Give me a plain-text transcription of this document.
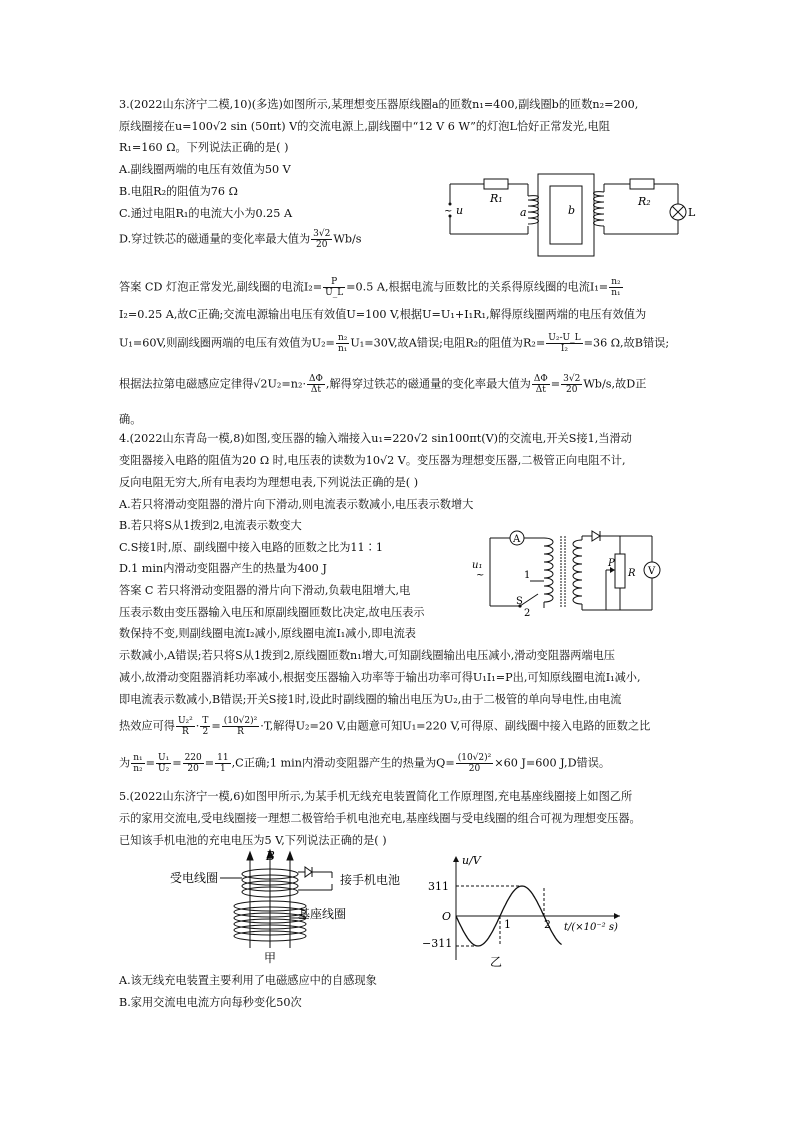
3.(2022山东济宁二模,10)(多选)如图所示,某理想变压器原线圈a的匝数n₁=400,副线圈b的匝数n₂=200,
原线圈接在u=100√2 sin (50πt) V的交流电源上,副线圈中“12 V 6 W”的灯泡L恰好正常发光,电阻
R₁=160 Ω。下列说法正确的是( )
A.副线圈两端的电压有效值为50 V
B.电阻R₂的阻值为76 Ω
C.通过电阻R₁的电流大小为0.25 A
D.穿过铁芯的磁通量的变化率最大值为 $\frac{3√2}{20} Wb/s$
~ u
R₁
a	b
R₂
L
答案 CD 灯泡正常发光,副线圈的电流$I_2= \frac{P}{U\_L} =0.5$ A,根据电流与匝数比的关系得原线圈的电流$I_1= \frac{\text{n₂}}{\text{n₁}}$
I₂=0.25 A,故C正确;交流电源输出电压有效值U=100 V,根据U=U₁+I₁R₁,解得原线圈两端的电压有效值为
U₁=60V,则副线圈两端的电压有效值为$U_2= \frac{\text{n₂}}{\text{n₁}} U_1=30V$,故A错误;电阻R₂的阻值为$R_2= \frac{\text{U₂-U\_L}}{\text{I₂}} =36$ Ω,故B错误;
根据法拉第电磁感应定律得$√2U_2=n_2\cdot \frac{\Delta\Phi}{\Delta t}$ ,解得穿过铁芯的磁通量的变化率最大值为 $\frac{\Delta\Phi}{\Delta t} = \frac{3√2}{20} Wb/s$,故D正
确。
4.(2022山东青岛一模,8)如图,变压器的输入端接入u₁=220√2 sin100πt(V)的交流电,开关S接1,当滑动
变阻器接入电路的阻值为20 Ω 时,电压表的读数为10√2 V。变压器为理想变压器,二极管正向电阻不计,
反向电阻无穷大,所有电表均为理想电表,下列说法正确的是( )
A.若只将滑动变阻器的滑片向下滑动,则电流表示数减小,电压表示数增大
B.若只将S从1拨到2,电流表示数变大
C.S接1时,原、副线圈中接入电路的匝数之比为11∶1
D.1 min内滑动变阻器产生的热量为400 J
答案 C 若只将滑动变阻器的滑片向下滑动,负载电阻增大,电
压表示数由变压器输入电压和原副线圈匝数比决定,故电压表示
数保持不变,则副线圈电流I₂减小,原线圈电流I₁减小,即电流表
示数减小,A错误;若只将S从1拨到2,原线圈匝数n₁增大,可知副线圈输出电压减小,滑动变阻器两端电压
减小,故滑动变阻器消耗功率减小,根据变压器输入功率等于输出功率可得U₁I₁=P出,可知原线圈电流I₁减小,
即电流表示数减小,B错误;开关S接1时,设此时副线圈的输出电压为U₂,由于二极管的单向导电性,由电流
热效应可得 $\frac{\text{U₂²}}{R} \cdot \frac{T}{2} = \frac{\text{(10√2)²}}{R} \cdot T$,解得U₂=20 V,由题意可知U₁=220 V,可得原、副线圈中接入电路的匝数之比
为 $\frac{\text{n₁}}{\text{n₂}} = \frac{\text{U₁}}{\text{U₂}} = \frac{220}{20} = \frac{11}{1} ,C$正确;1 min内滑动变阻器产生的热量为$Q= \frac{\text{(10√2)²}}{20} \times 60$ J=600 J,D错误。
A
V
u₁
~	1
S
2
P
R
5.(2022山东济宁一模,6)如图甲所示,为某手机无线充电装置简化工作原理图,充电基座线圈接上如图乙所
示的家用交流电,受电线圈接一理想二极管给手机电池充电,基座线圈与受电线圈的组合可视为理想变压器。
已知该手机电池的充电电压为5 V,下列说法正确的是( )
B
受电线圈	接手机电池
基座线圈
甲
u/V
311
−311
O
1	2 t/(×10⁻² s)
乙
A.该无线充电装置主要利用了电磁感应中的自感现象
B.家用交流电电流方向每秒变化50次
